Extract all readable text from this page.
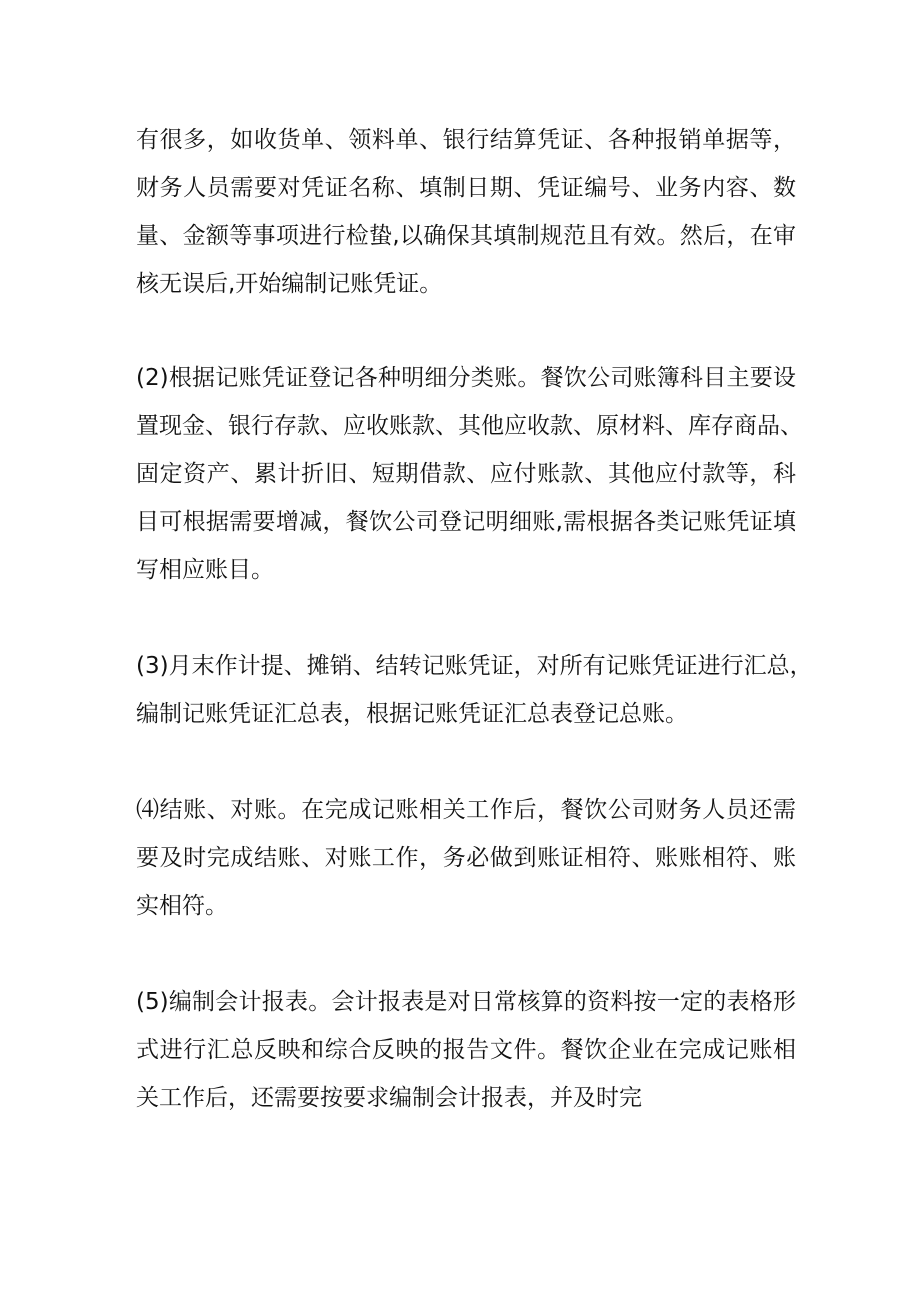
有很多，如收货单、领料单、银行结算凭证、各种报销单据等，
财务人员需要对凭证名称、填制日期、凭证编号、业务内容、数
量、金额等事项进行检蛰,以确保其填制规范且有效。然后，在审
核无误后,开始编制记账凭证。
(2)根据记账凭证登记各种明细分类账。餐饮公司账簿科目主要设
置现金、银行存款、应收账款、其他应收款、原材料、库存商品、
固定资产、累计折旧、短期借款、应付账款、其他应付款等，科
目可根据需要增减，餐饮公司登记明细账,需根据各类记账凭证填
写相应账目。
(3)月末作计提、摊销、结转记账凭证，对所有记账凭证进行汇总，
编制记账凭证汇总表，根据记账凭证汇总表登记总账。
⑷结账、对账。在完成记账相关工作后，餐饮公司财务人员还需
要及时完成结账、对账工作，务必做到账证相符、账账相符、账
实相符。
(5)编制会计报表。会计报表是对日常核算的资料按一定的表格形
式进行汇总反映和综合反映的报告文件。餐饮企业在完成记账相
关工作后，还需要按要求编制会计报表，并及时完
